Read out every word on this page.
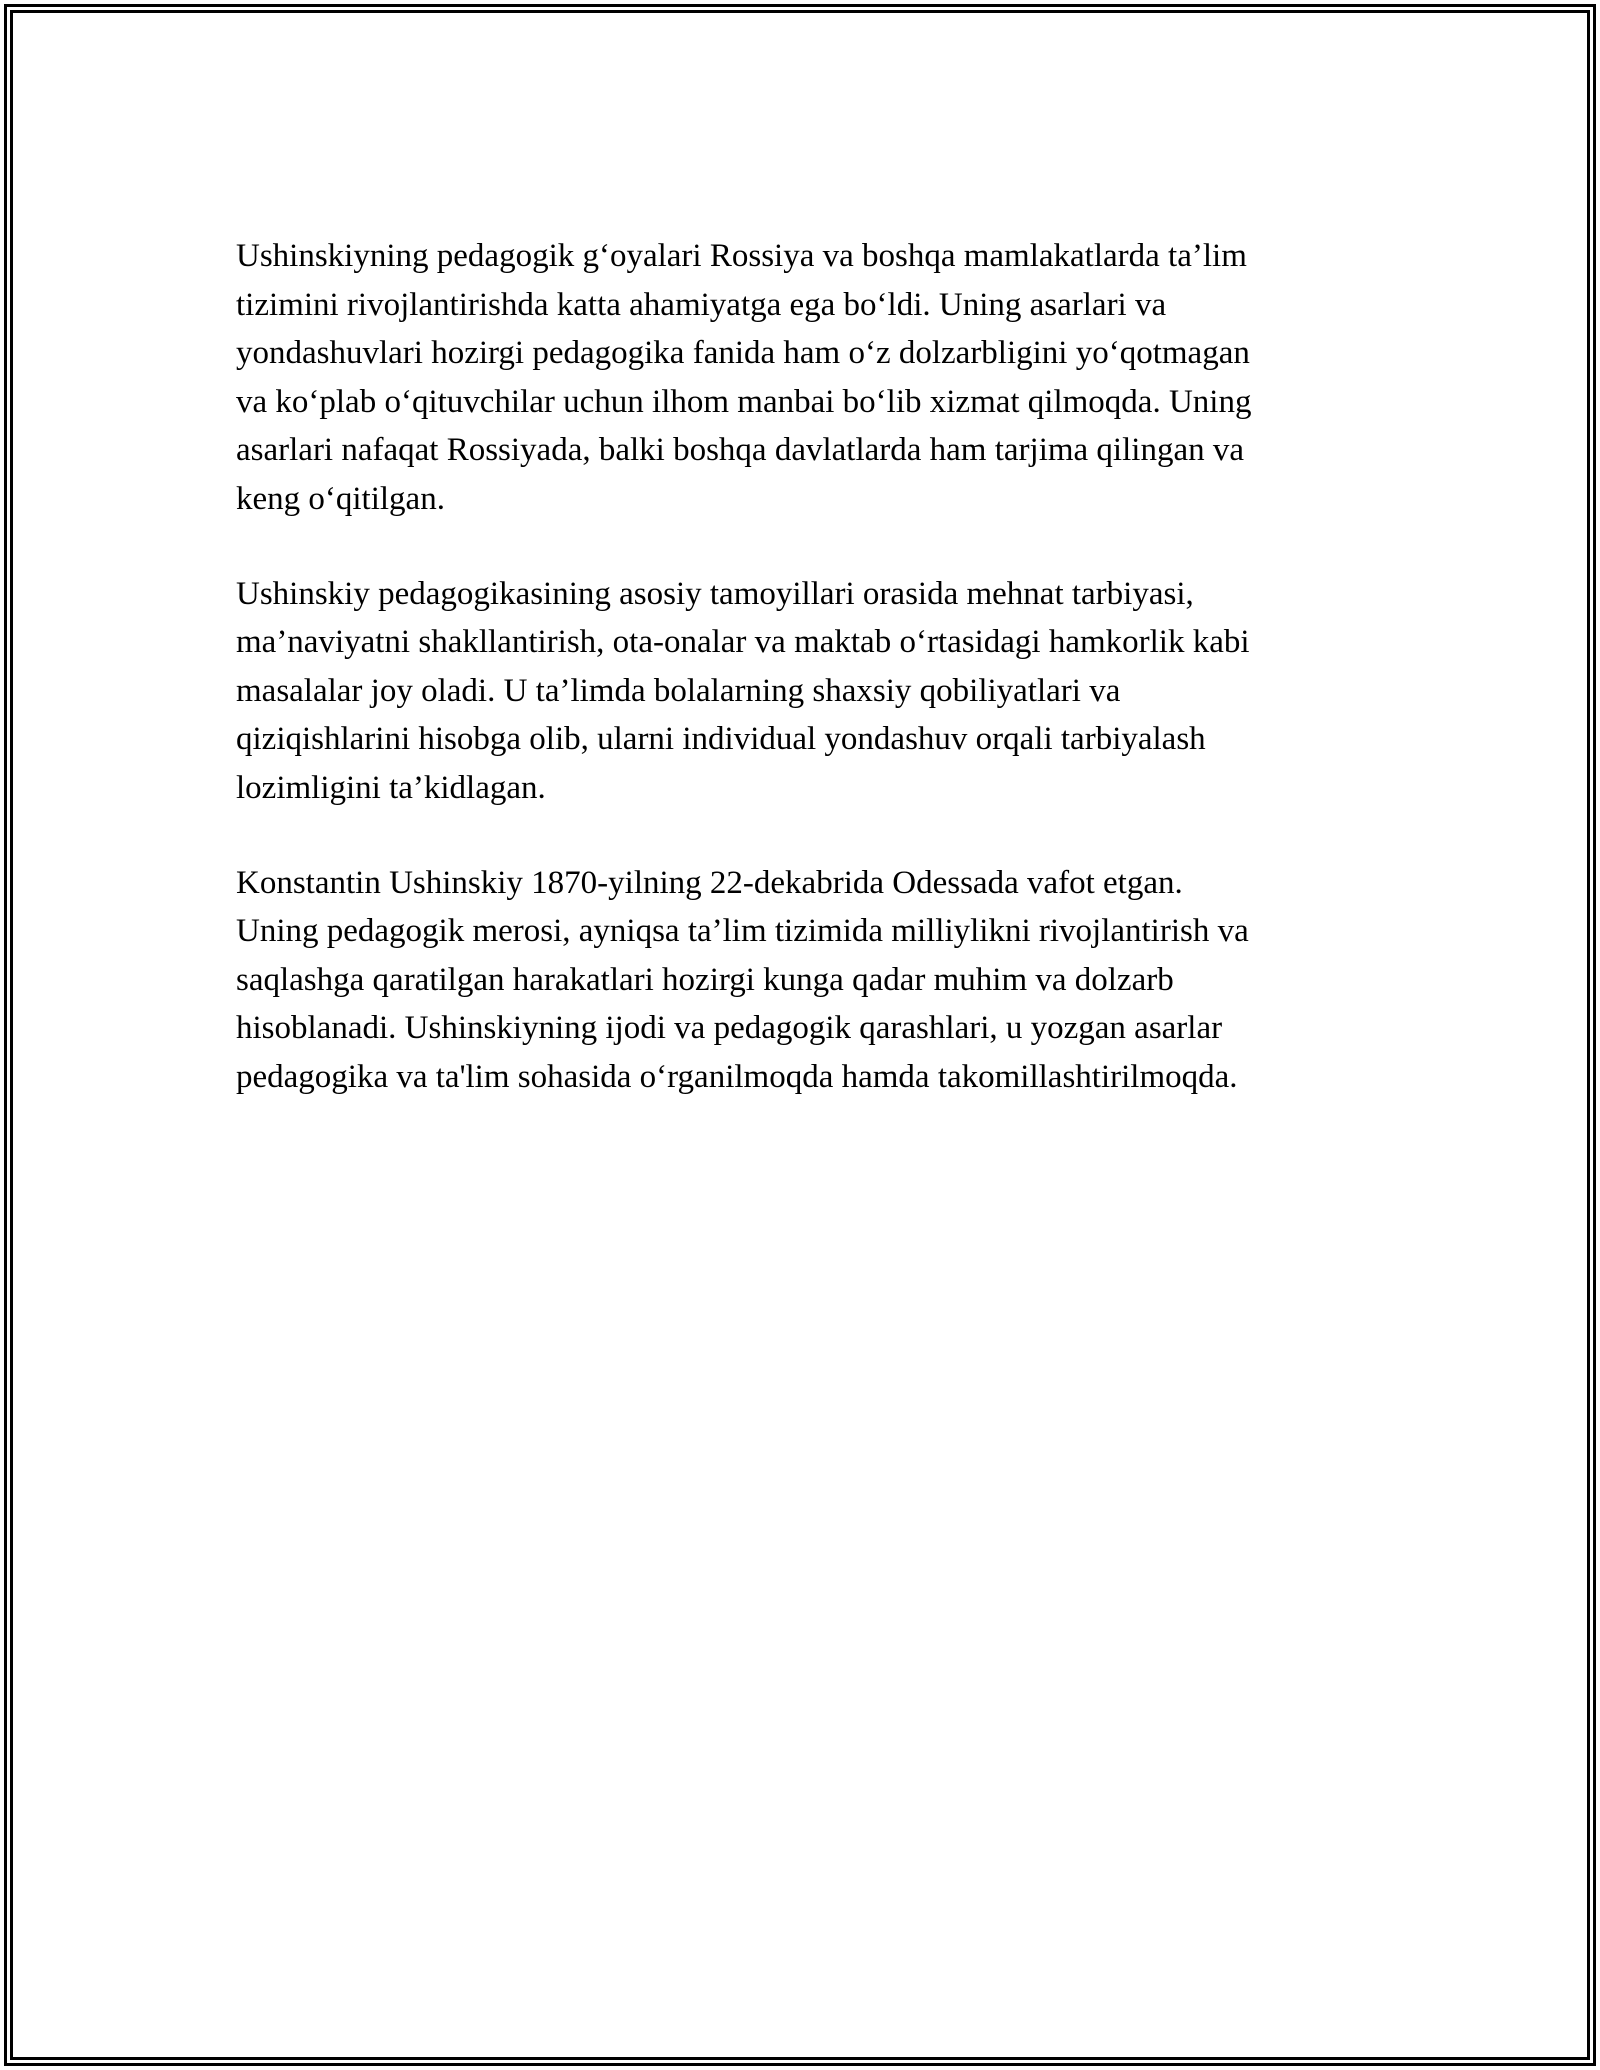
Ushinskiyning pedagogik g‘oyalari Rossiya va boshqa mamlakatlarda ta’lim
tizimini rivojlantirishda katta ahamiyatga ega bo‘ldi. Uning asarlari va
yondashuvlari hozirgi pedagogika fanida ham o‘z dolzarbligini yo‘qotmagan
va ko‘plab o‘qituvchilar uchun ilhom manbai bo‘lib xizmat qilmoqda. Uning
asarlari nafaqat Rossiyada, balki boshqa davlatlarda ham tarjima qilingan va
keng o‘qitilgan.

Ushinskiy pedagogikasining asosiy tamoyillari orasida mehnat tarbiyasi,
ma’naviyatni shakllantirish, ota-onalar va maktab o‘rtasidagi hamkorlik kabi
masalalar joy oladi. U ta’limda bolalarning shaxsiy qobiliyatlari va
qiziqishlarini hisobga olib, ularni individual yondashuv orqali tarbiyalash
lozimligini ta’kidlagan.

Konstantin Ushinskiy 1870-yilning 22-dekabrida Odessada vafot etgan.
Uning pedagogik merosi, ayniqsa ta’lim tizimida milliylikni rivojlantirish va
saqlashga qaratilgan harakatlari hozirgi kunga qadar muhim va dolzarb
hisoblanadi. Ushinskiyning ijodi va pedagogik qarashlari, u yozgan asarlar
pedagogika va ta'lim sohasida o‘rganilmoqda hamda takomillashtirilmoqda.
